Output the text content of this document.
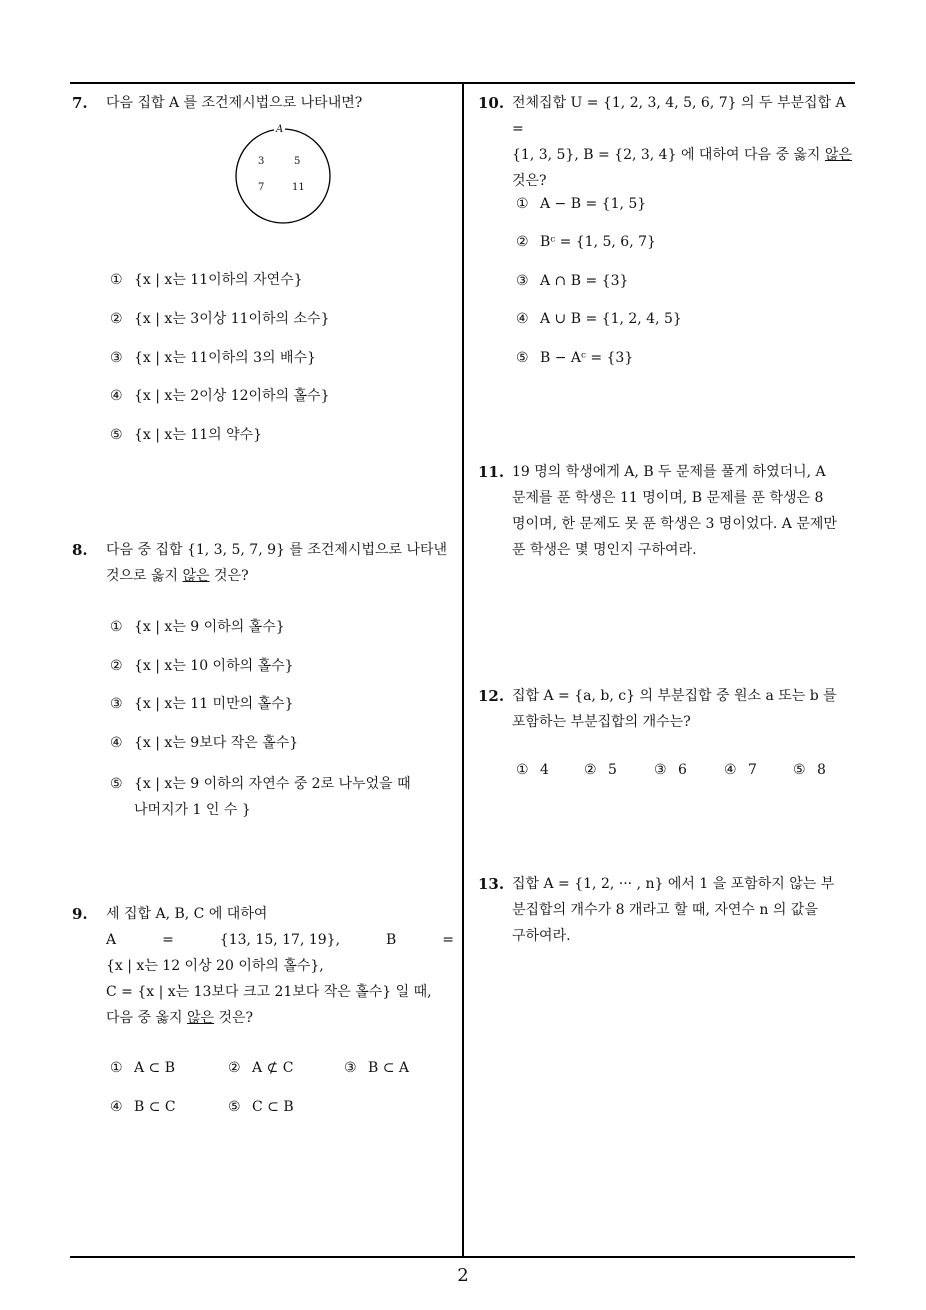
7. 다음 집합 A 를 조건제시법으로 나타내면?
A
3	5
7	11
① {x | x는 11이하의 자연수}
② {x | x는 3이상 11이하의 소수}
③ {x | x는 11이하의 3의 배수}
④ {x | x는 2이상 12이하의 홀수}
⑤ {x | x는 11의 약수}
8. 다음 중 집합 {1, 3, 5, 7, 9} 를 조건제시법으로 나타낸 것으로 옳지 않은 것은?
① {x | x는 9 이하의 홀수}
② {x | x는 10 이하의 홀수}
③ {x | x는 11 미만의 홀수}
④ {x | x는 9보다 작은 홀수}
⑤ {x | x는 9 이하의 자연수 중 2로 나누었을 때
나머지가 1 인 수 }
9. 세 집합 A, B, C 에 대하여
A	=	{13, 15, 17, 19},	B	=
{x | x는 12 이상 20 이하의 홀수},
C = {x | x는 13보다 크고 21보다 작은 홀수} 일 때,
다음 중 옳지 않은 것은?
① A ⊂ B	② A ⊄ C	③ B ⊂ A
④ B ⊂ C	⑤ C ⊂ B
10. 전체집합 U = {1, 2, 3, 4, 5, 6, 7} 의 두 부분집합 A =
{1, 3, 5}, B = {2, 3, 4} 에 대하여 다음 중 옳지 않은
것은?
① A − B = {1, 5}
② Bᶜ = {1, 5, 6, 7}
③ A ∩ B = {3}
④ A ∪ B = {1, 2, 4, 5}
⑤ B − Aᶜ = {3}
11. 19 명의 학생에게 A, B 두 문제를 풀게 하였더니, A
문제를 푼 학생은 11 명이며, B 문제를 푼 학생은 8
명이며, 한 문제도 못 푼 학생은 3 명이었다. A 문제만
푼 학생은 몇 명인지 구하여라.
12. 집합 A = {a, b, c} 의 부분집합 중 원소 a 또는 b 를
포함하는 부분집합의 개수는?
① 4	② 5	③ 6	④ 7	⑤ 8
13. 집합 A = {1, 2, ··· , n} 에서 1 을 포함하지 않는 부
분집합의 개수가 8 개라고 할 때, 자연수 n 의 값을
구하여라.
2
